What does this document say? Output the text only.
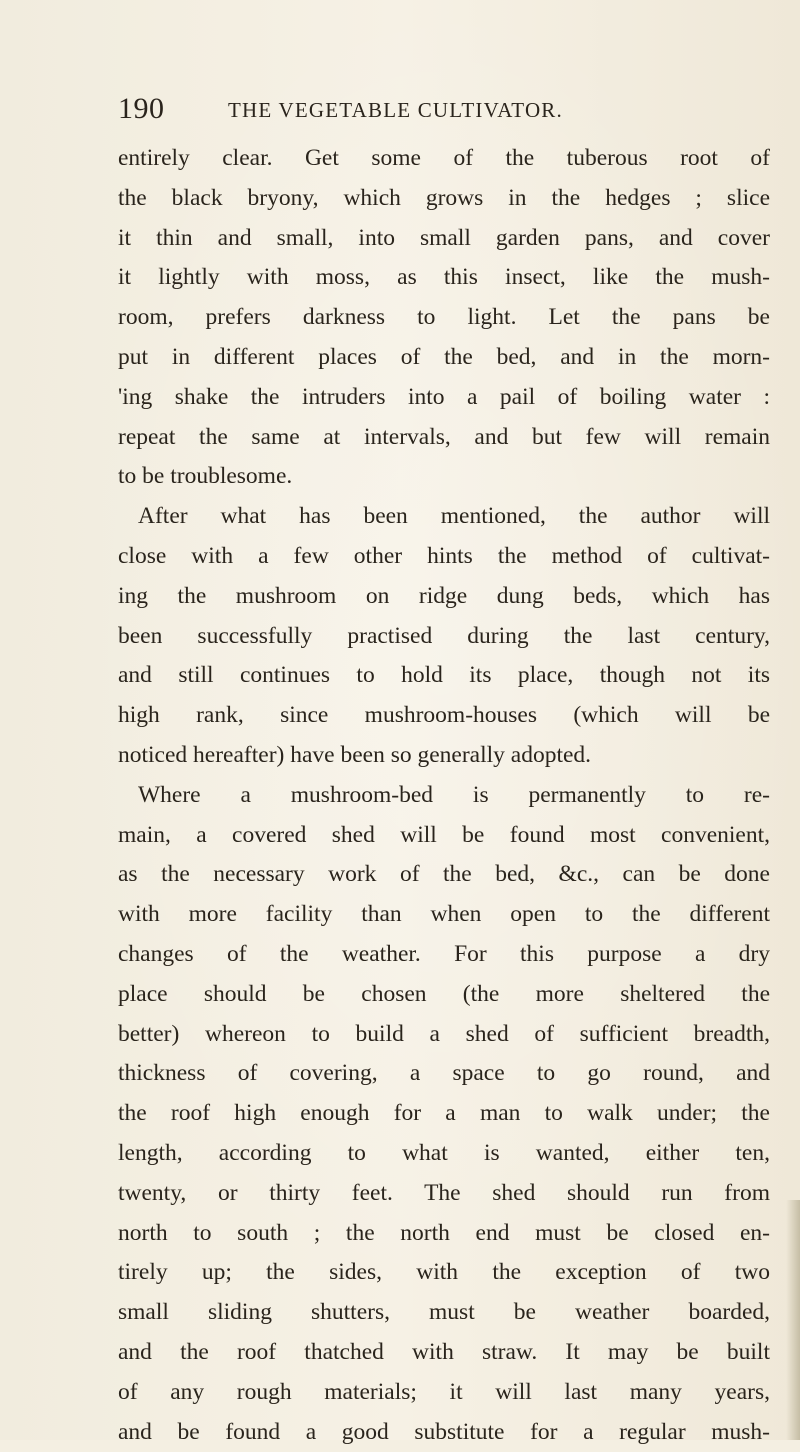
190	THE VEGETABLE CULTIVATOR.
entirely clear. Get some of the tuberous root of
the black bryony, which grows in the hedges ; slice
it thin and small, into small garden pans, and cover
it lightly with moss, as this insect, like the mush-
room, prefers darkness to light. Let the pans be
put in different places of the bed, and in the morn-
'ing shake the intruders into a pail of boiling water :
repeat the same at intervals, and but few will remain
to be troublesome.
After what has been mentioned, the author will
close with a few other hints the method of cultivat-
ing the mushroom on ridge dung beds, which has
been successfully practised during the last century,
and still continues to hold its place, though not its
high rank, since mushroom-houses (which will be
noticed hereafter) have been so generally adopted.
Where a mushroom-bed is permanently to re-
main, a covered shed will be found most convenient,
as the necessary work of the bed, &c., can be done
with more facility than when open to the different
changes of the weather. For this purpose a dry
place should be chosen (the more sheltered the
better) whereon to build a shed of sufficient breadth,
thickness of covering, a space to go round, and
the roof high enough for a man to walk under; the
length, according to what is wanted, either ten,
twenty, or thirty feet. The shed should run from
north to south ; the north end must be closed en-
tirely up; the sides, with the exception of two
small sliding shutters, must be weather boarded,
and the roof thatched with straw. It may be built
of any rough materials; it will last many years,
and be found a good substitute for a regular mush-
